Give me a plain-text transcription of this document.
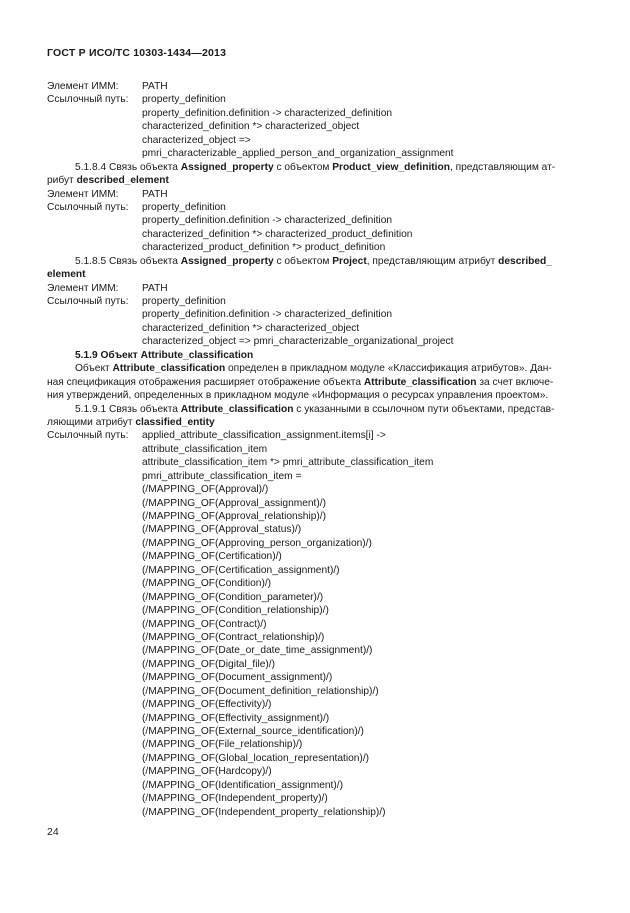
ГОСТ Р ИСО/ТС 10303-1434—2013
Элемент ИММ: PATH
Ссылочный путь: property_definition
property_definition.definition -> characterized_definition
characterized_definition *> characterized_object
characterized_object =>
pmri_characterizable_applied_person_and_organization_assignment
5.1.8.4 Связь объекта Assigned_property с объектом Product_view_definition, представляющим ат-
рибут described_element
Элемент ИММ: PATH
Ссылочный путь: property_definition
property_definition.definition -> characterized_definition
characterized_definition *> characterized_product_definition
characterized_product_definition *> product_definition
5.1.8.5 Связь объекта Assigned_property с объектом Project, представляющим атрибут described_
element
Элемент ИММ: PATH
Ссылочный путь: property_definition
property_definition.definition -> characterized_definition
characterized_definition *> characterized_object
characterized_object => pmri_characterizable_organizational_project
5.1.9 Объект Attribute_classification
Объект Attribute_classification определен в прикладном модуле «Классификация атрибутов». Дан-
ная спецификация отображения расширяет отображение объекта Attribute_classification за счет включе-
ния утверждений, определенных в прикладном модуле «Информация о ресурсах управления проектом».
5.1.9.1 Связь объекта Attribute_classification с указанными в ссылочном пути объектами, представ-
ляющими атрибут classified_entity
Ссылочный путь: applied_attribute_classification_assignment.items[i] ->
attribute_classification_item
attribute_classification_item *> pmri_attribute_classification_item
pmri_attribute_classification_item =
(/MAPPING_OF(Approval)/)
(/MAPPING_OF(Approval_assignment)/)
(/MAPPING_OF(Approval_relationship)/)
(/MAPPING_OF(Approval_status)/)
(/MAPPING_OF(Approving_person_organization)/)
(/MAPPING_OF(Certification)/)
(/MAPPING_OF(Certification_assignment)/)
(/MAPPING_OF(Condition)/)
(/MAPPING_OF(Condition_parameter)/)
(/MAPPING_OF(Condition_relationship)/)
(/MAPPING_OF(Contract)/)
(/MAPPING_OF(Contract_relationship)/)
(/MAPPING_OF(Date_or_date_time_assignment)/)
(/MAPPING_OF(Digital_file)/)
(/MAPPING_OF(Document_assignment)/)
(/MAPPING_OF(Document_definition_relationship)/)
(/MAPPING_OF(Effectivity)/)
(/MAPPING_OF(Effectivity_assignment)/)
(/MAPPING_OF(External_source_identification)/)
(/MAPPING_OF(File_relationship)/)
(/MAPPING_OF(Global_location_representation)/)
(/MAPPING_OF(Hardcopy)/)
(/MAPPING_OF(Identification_assignment)/)
(/MAPPING_OF(Independent_property)/)
(/MAPPING_OF(Independent_property_relationship)/)
24
